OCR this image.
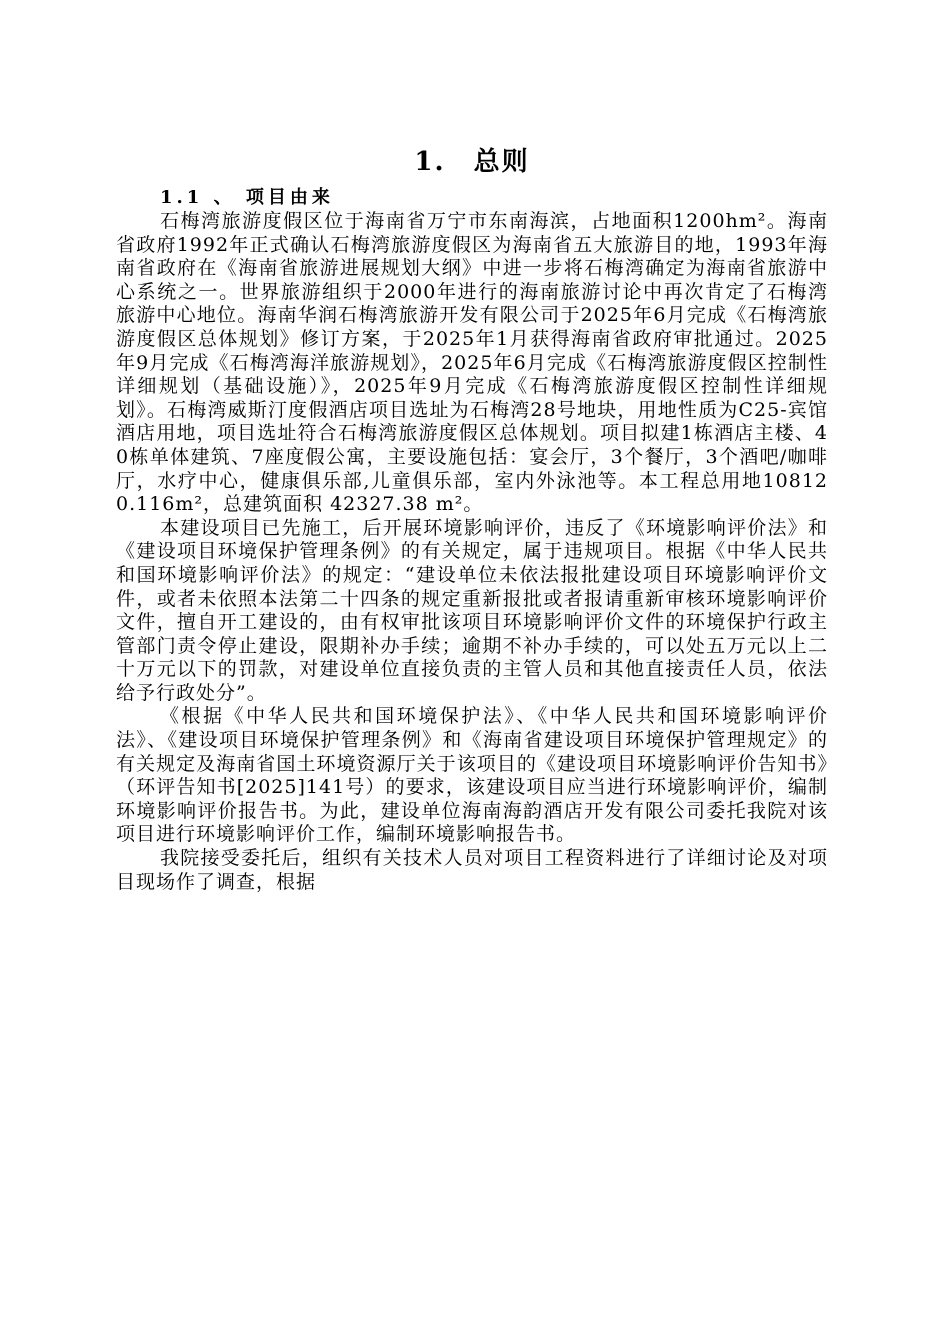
1.　总则
1.1 、 项目由来

石梅湾旅游度假区位于海南省万宁市东南海滨，占地面积1200hm²。海南省政府1992年正式确认石梅湾旅游度假区为海南省五大旅游目的地，1993年海南省政府在《海南省旅游进展规划大纲》中进一步将石梅湾确定为海南省旅游中心系统之一。世界旅游组织于2000年进行的海南旅游讨论中再次肯定了石梅湾旅游中心地位。海南华润石梅湾旅游开发有限公司于2025年6月完成《石梅湾旅游度假区总体规划》修订方案，于2025年1月获得海南省政府审批通过。2025年9月完成《石梅湾海洋旅游规划》，2025年6月完成《石梅湾旅游度假区控制性详细规划（基础设施）》，2025年9月完成《石梅湾旅游度假区控制性详细规划》。石梅湾威斯汀度假酒店项目选址为石梅湾28号地块，用地性质为C25-宾馆酒店用地，项目选址符合石梅湾旅游度假区总体规划。项目拟建1栋酒店主楼、40栋单体建筑、7座度假公寓，主要设施包括：宴会厅，3个餐厅，3个酒吧/咖啡厅，水疗中心，健康俱乐部,儿童俱乐部，室内外泳池等。本工程总用地108120.116m²，总建筑面积 42327.38 m²。

本建设项目已先施工，后开展环境影响评价，违反了《环境影响评价法》和《建设项目环境保护管理条例》的有关规定，属于违规项目。根据《中华人民共和国环境影响评价法》的规定：“建设单位未依法报批建设项目环境影响评价文件，或者未依照本法第二十四条的规定重新报批或者报请重新审核环境影响评价文件，擅自开工建设的，由有权审批该项目环境影响评价文件的环境保护行政主管部门责令停止建设，限期补办手续；逾期不补办手续的，可以处五万元以上二十万元以下的罚款，对建设单位直接负责的主管人员和其他直接责任人员，依法给予行政处分”。

《根据《中华人民共和国环境保护法》、《中华人民共和国环境影响评价法》、《建设项目环境保护管理条例》和《海南省建设项目环境保护管理规定》的有关规定及海南省国土环境资源厅关于该项目的《建设项目环境影响评价告知书》（环评告知书[2025]141号）的要求，该建设项目应当进行环境影响评价，编制环境影响评价报告书。为此，建设单位海南海韵酒店开发有限公司委托我院对该项目进行环境影响评价工作，编制环境影响报告书。

我院接受委托后，组织有关技术人员对项目工程资料进行了详细讨论及对项目现场作了调查，根据
